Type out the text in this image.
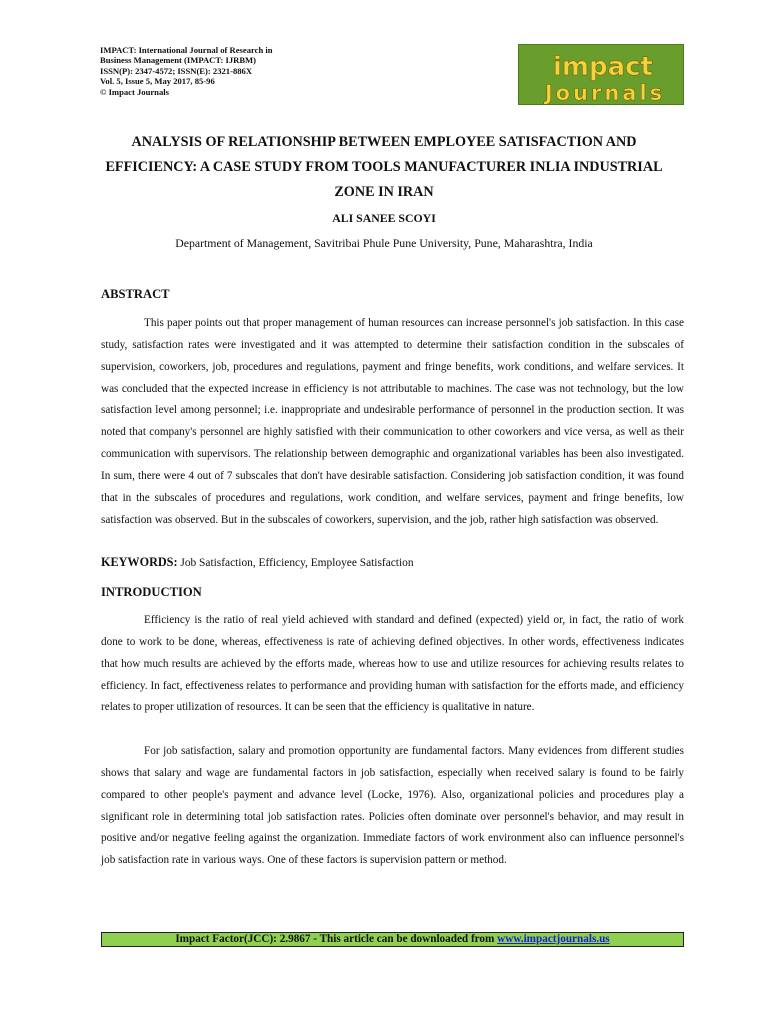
IMPACT: International Journal of Research in
Business Management (IMPACT: IJRBM)
ISSN(P): 2347-4572; ISSN(E): 2321-886X
Vol. 5, Issue 5, May 2017, 85-96
© Impact Journals
impact
Journals
ANALYSIS OF RELATIONSHIP BETWEEN EMPLOYEE SATISFACTION AND EFFICIENCY: A CASE STUDY FROM TOOLS MANUFACTURER INLIA INDUSTRIAL ZONE IN IRAN
ALI SANEE SCOYI
Department of Management, Savitribai Phule Pune University, Pune, Maharashtra, India
ABSTRACT

This paper points out that proper management of human resources can increase personnel's job satisfaction. In this case study, satisfaction rates were investigated and it was attempted to determine their satisfaction condition in the subscales of supervision, coworkers, job, procedures and regulations, payment and fringe benefits, work conditions, and welfare services. It was concluded that the expected increase in efficiency is not attributable to machines. The case was not technology, but the low satisfaction level among personnel; i.e. inappropriate and undesirable performance of personnel in the production section. It was noted that company's personnel are highly satisfied with their communication to other coworkers and vice versa, as well as their communication with supervisors. The relationship between demographic and organizational variables has been also investigated. In sum, there were 4 out of 7 subscales that don't have desirable satisfaction. Considering job satisfaction condition, it was found that in the subscales of procedures and regulations, work condition, and welfare services, payment and fringe benefits, low satisfaction was observed. But in the subscales of coworkers, supervision, and the job, rather high satisfaction was observed.

KEYWORDS: Job Satisfaction, Efficiency, Employee Satisfaction
INTRODUCTION

Efficiency is the ratio of real yield achieved with standard and defined (expected) yield or, in fact, the ratio of work done to work to be done, whereas, effectiveness is rate of achieving defined objectives. In other words, effectiveness indicates that how much results are achieved by the efforts made, whereas how to use and utilize resources for achieving results relates to efficiency. In fact, effectiveness relates to performance and providing human with satisfaction for the efforts made, and efficiency relates to proper utilization of resources. It can be seen that the efficiency is qualitative in nature.

For job satisfaction, salary and promotion opportunity are fundamental factors. Many evidences from different studies shows that salary and wage are fundamental factors in job satisfaction, especially when received salary is found to be fairly compared to other people's payment and advance level (Locke, 1976). Also, organizational policies and procedures play a significant role in determining total job satisfaction rates. Policies often dominate over personnel's behavior, and may result in positive and/or negative feeling against the organization. Immediate factors of work environment also can influence personnel's job satisfaction rate in various ways. One of these factors is supervision pattern or method.

Impact Factor(JCC): 2.9867 - This article can be downloaded from www.impactjournals.us
